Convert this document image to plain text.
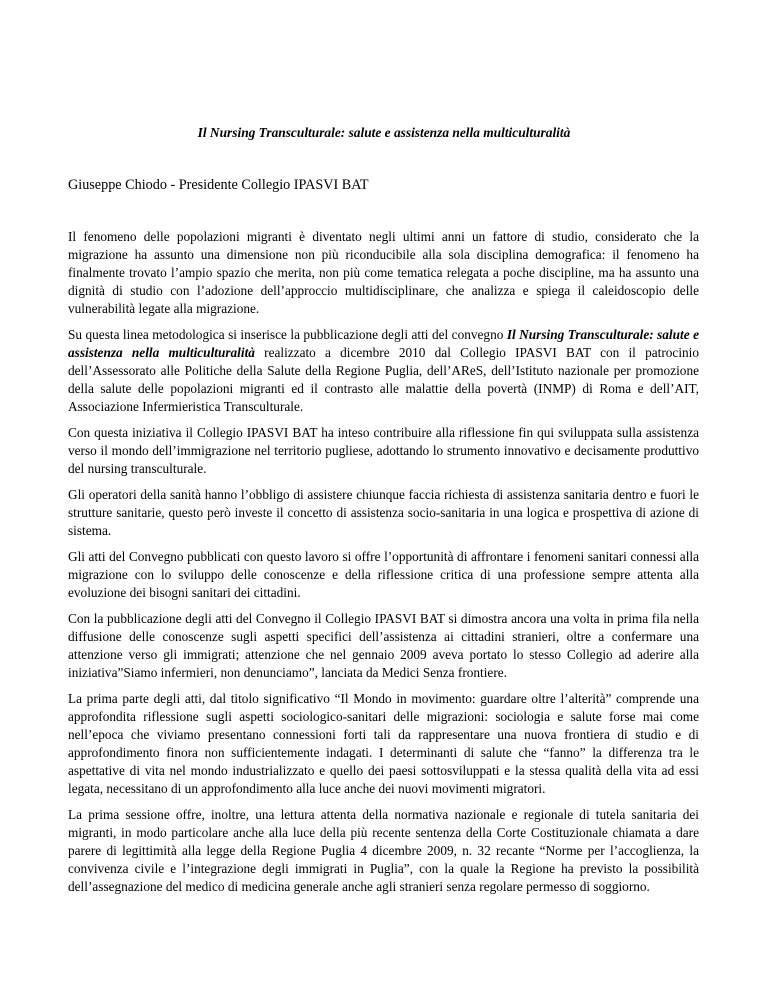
Il Nursing Transculturale: salute e assistenza nella multiculturalità
Giuseppe Chiodo - Presidente Collegio IPASVI BAT

Il fenomeno delle popolazioni migranti è diventato negli ultimi anni un fattore di studio, considerato che la migrazione ha assunto una dimensione non più riconducibile alla sola disciplina demografica: il fenomeno ha finalmente trovato l’ampio spazio che merita, non più come tematica relegata a poche discipline, ma ha assunto una dignità di studio con l’adozione dell’approccio multidisciplinare, che analizza e spiega il caleidoscopio delle vulnerabilità legate alla migrazione.

Su questa linea metodologica si inserisce la pubblicazione degli atti del convegno Il Nursing Transculturale: salute e assistenza nella multiculturalità realizzato a dicembre 2010 dal Collegio IPASVI BAT con il patrocinio dell’Assessorato alle Politiche della Salute della Regione Puglia, dell’AReS, dell’Istituto nazionale per promozione della salute delle popolazioni migranti ed il contrasto alle malattie della povertà (INMP) di Roma e dell’AIT, Associazione Infermieristica Transculturale.

Con questa iniziativa il Collegio IPASVI BAT ha inteso contribuire alla riflessione fin qui sviluppata sulla assistenza verso il mondo dell’immigrazione nel territorio pugliese, adottando lo strumento innovativo e decisamente produttivo del nursing transculturale.

Gli operatori della sanità hanno l’obbligo di assistere chiunque faccia richiesta di assistenza sanitaria dentro e fuori le strutture sanitarie, questo però investe il concetto di assistenza socio-sanitaria in una logica e prospettiva di azione di sistema.

Gli atti del Convegno pubblicati con questo lavoro si offre l’opportunità di affrontare i fenomeni sanitari connessi alla migrazione con lo sviluppo delle conoscenze e della riflessione critica di una professione sempre attenta alla evoluzione dei bisogni sanitari dei cittadini.

Con la pubblicazione degli atti del Convegno il Collegio IPASVI BAT si dimostra ancora una volta in prima fila nella diffusione delle conoscenze sugli aspetti specifici dell’assistenza ai cittadini stranieri, oltre a confermare una attenzione verso gli immigrati; attenzione che nel gennaio 2009 aveva portato lo stesso Collegio ad aderire alla iniziativa”Siamo infermieri, non denunciamo”, lanciata da Medici Senza frontiere.

La prima parte degli atti, dal titolo significativo “Il Mondo in movimento: guardare oltre l’alterità” comprende una approfondita riflessione sugli aspetti sociologico-sanitari delle migrazioni: sociologia e salute forse mai come nell’epoca che viviamo presentano connessioni forti tali da rappresentare una nuova frontiera di studio e di approfondimento finora non sufficientemente indagati. I determinanti di salute che “fanno” la differenza tra le aspettative di vita nel mondo industrializzato e quello dei paesi sottosviluppati e la stessa qualità della vita ad essi legata, necessitano di un approfondimento alla luce anche dei nuovi movimenti migratori.

La prima sessione offre, inoltre, una lettura attenta della normativa nazionale e regionale di tutela sanitaria dei migranti, in modo particolare anche alla luce della più recente sentenza della Corte Costituzionale chiamata a dare parere di legittimità alla legge della Regione Puglia 4 dicembre 2009, n. 32 recante “Norme per l’accoglienza, la convivenza civile e l’integrazione degli immigrati in Puglia”, con la quale la Regione ha previsto la possibilità dell’assegnazione del medico di medicina generale anche agli stranieri senza regolare permesso di soggiorno.
